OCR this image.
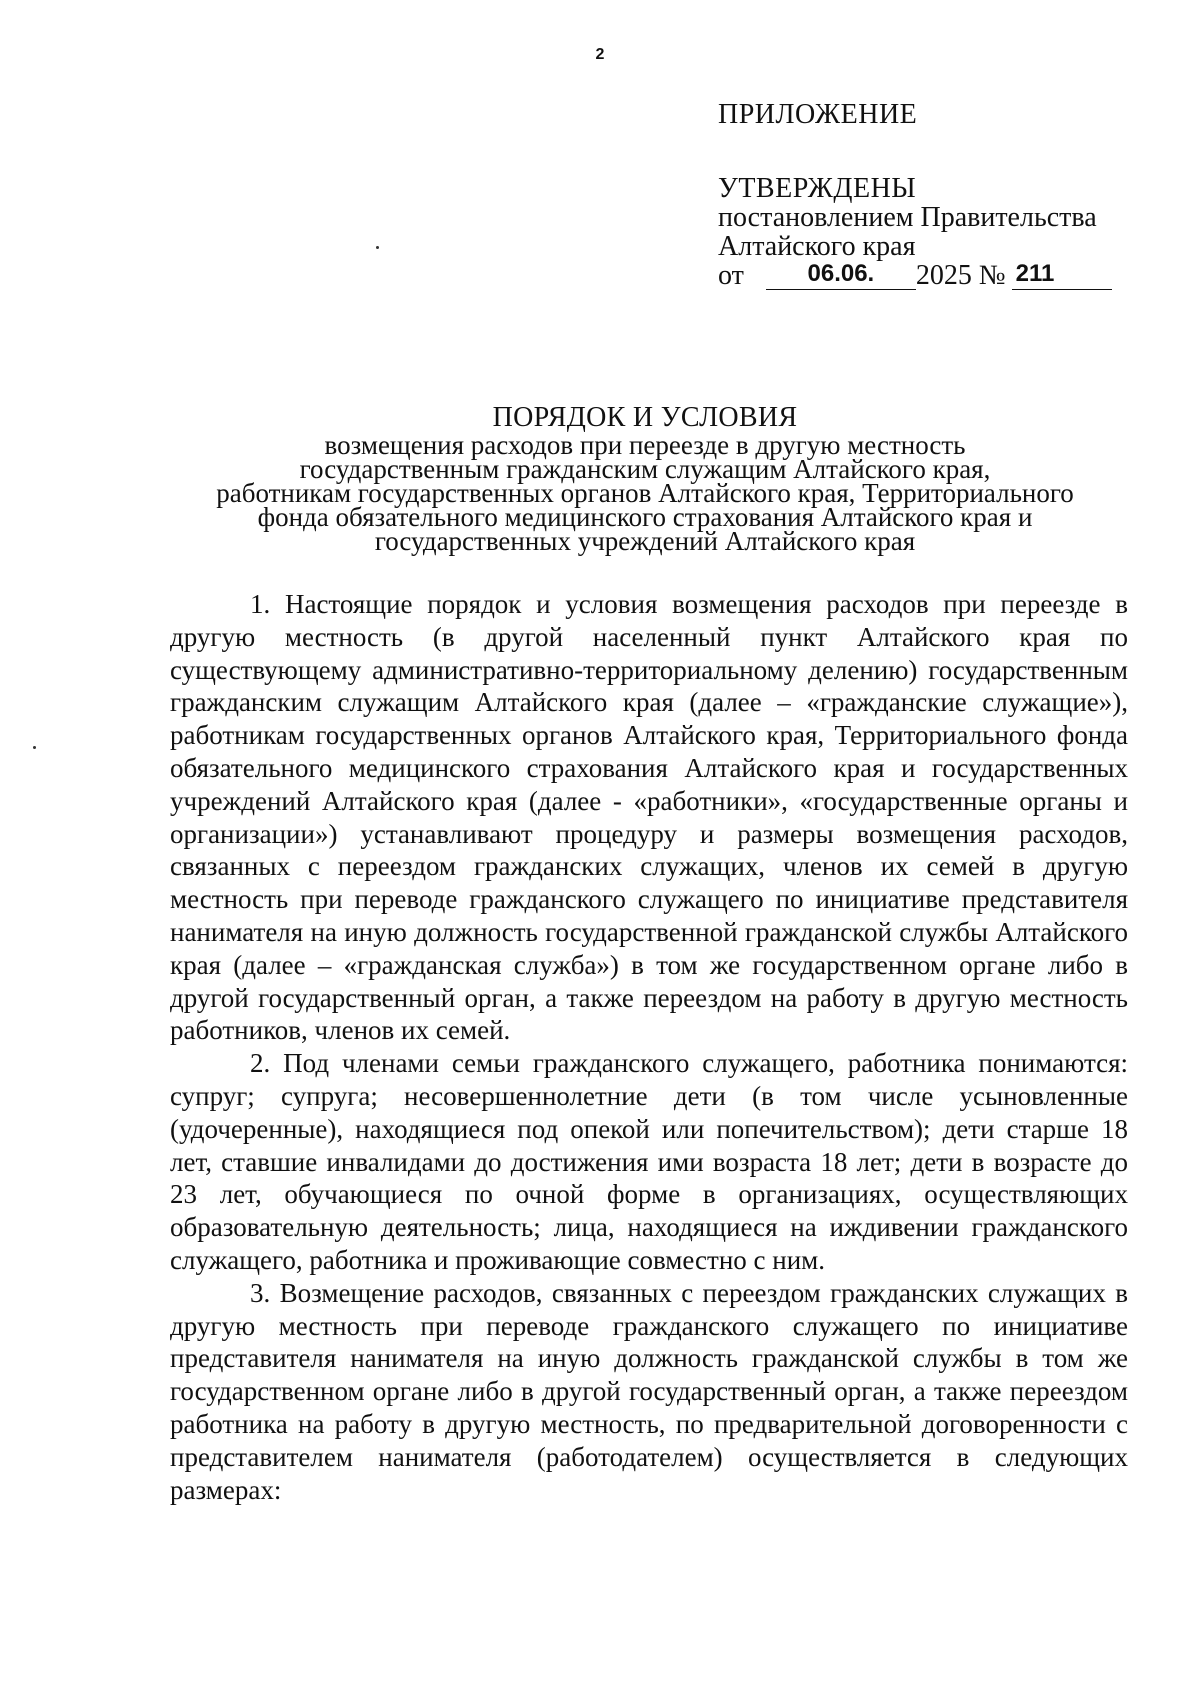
2

ПРИЛОЖЕНИЕ

УТВЕРЖДЕНЫ

постановлением Правительства

Алтайского края

от	06.06. 2025 № 211

ПОРЯДОК И УСЛОВИЯ

возмещения расходов при переезде в другую местность

государственным гражданским служащим Алтайского края,

работникам государственных органов Алтайского края, Территориального

фонда обязательного медицинского страхования Алтайского края и

государственных учреждений Алтайского края

1. Настоящие порядок и условия возмещения расходов при переезде в другую местность (в другой населенный пункт Алтайского края по существующему административно-территориальному делению) государственным гражданским служащим Алтайского края (далее – «гражданские служащие»), работникам государственных органов Алтайского края, Территориального фонда обязательного медицинского страхования Алтайского края и государственных учреждений Алтайского края (далее - «работники», «государственные органы и организации») устанавливают процедуру и размеры возмещения расходов, связанных с переездом гражданских служащих, членов их семей в другую местность при переводе гражданского служащего по инициативе представителя нанимателя на иную должность государственной гражданской службы Алтайского края (далее – «гражданская служба») в том же государственном органе либо в другой государственный орган, а также переездом на работу в другую местность работников, членов их семей.

2. Под членами семьи гражданского служащего, работника понимаются: супруг; супруга; несовершеннолетние дети (в том числе усыновленные (удочеренные), находящиеся под опекой или попечительством); дети старше 18 лет, ставшие инвалидами до достижения ими возраста 18 лет; дети в возрасте до 23 лет, обучающиеся по очной форме в организациях, осуществляющих образовательную деятельность; лица, находящиеся на иждивении гражданского служащего, работника и проживающие совместно с ним.

3. Возмещение расходов, связанных с переездом гражданских служащих в другую местность при переводе гражданского служащего по инициативе представителя нанимателя на иную должность гражданской службы в том же государственном органе либо в другой государственный орган, а также переездом работника на работу в другую местность, по предварительной договоренности с представителем нанимателя (работодателем) осуществляется в следующих размерах:
